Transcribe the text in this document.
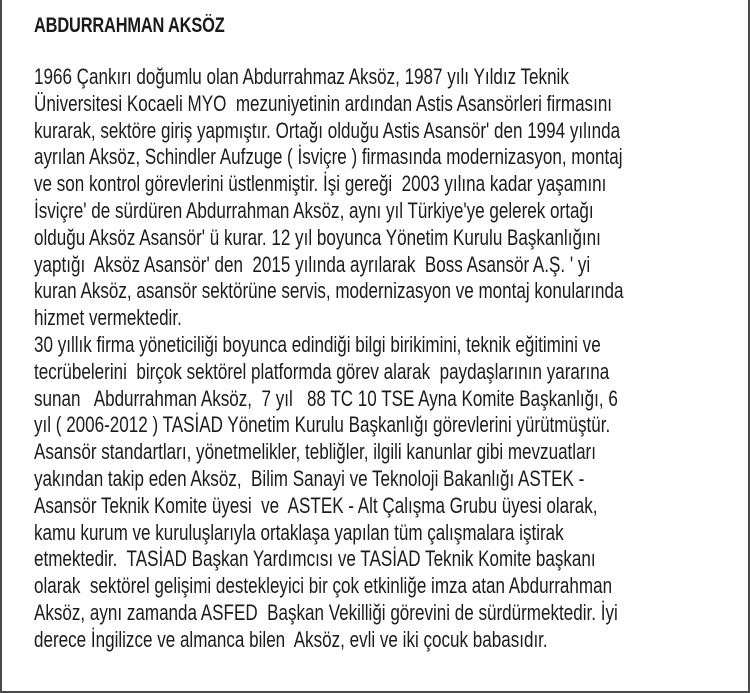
ABDURRAHMAN AKSÖZ
1966 Çankırı doğumlu olan Abdurrahmaz Aksöz, 1987 yılı Yıldız Teknik
Üniversitesi Kocaeli MYO  mezuniyetinin ardından Astis Asansörleri firmasını
kurarak, sektöre giriş yapmıştır. Ortağı olduğu Astis Asansör' den 1994 yılında
ayrılan Aksöz, Schindler Aufzuge ( İsviçre ) firmasında modernizasyon, montaj
ve son kontrol görevlerini üstlenmiştir. İşi gereği  2003 yılına kadar yaşamını
İsviçre' de sürdüren Abdurrahman Aksöz, aynı yıl Türkiye'ye gelerek ortağı
olduğu Aksöz Asansör' ü kurar. 12 yıl boyunca Yönetim Kurulu Başkanlığını
yaptığı  Aksöz Asansör' den  2015 yılında ayrılarak  Boss Asansör A.Ş. ' yi
kuran Aksöz, asansör sektörüne servis, modernizasyon ve montaj konularında
hizmet vermektedir.
30 yıllık firma yöneticiliği boyunca edindiği bilgi birikimini, teknik eğitimini ve
tecrübelerini  birçok sektörel platformda görev alarak  paydaşlarının yararına
sunan   Abdurrahman Aksöz,  7 yıl   88 TC 10 TSE Ayna Komite Başkanlığı, 6
yıl ( 2006-2012 ) TASİAD Yönetim Kurulu Başkanlığı görevlerini yürütmüştür.
Asansör standartları, yönetmelikler, tebliğler, ilgili kanunlar gibi mevzuatları
yakından takip eden Aksöz,  Bilim Sanayi ve Teknoloji Bakanlığı ASTEK -
Asansör Teknik Komite üyesi  ve  ASTEK - Alt Çalışma Grubu üyesi olarak,
kamu kurum ve kuruluşlarıyla ortaklaşa yapılan tüm çalışmalara iştirak
etmektedir.  TASİAD Başkan Yardımcısı ve TASİAD Teknik Komite başkanı
olarak  sektörel gelişimi destekleyici bir çok etkinliğe imza atan Abdurrahman
Aksöz, aynı zamanda ASFED  Başkan Vekilliği görevini de sürdürmektedir. İyi
derece İngilizce ve almanca bilen  Aksöz, evli ve iki çocuk babasıdır.
